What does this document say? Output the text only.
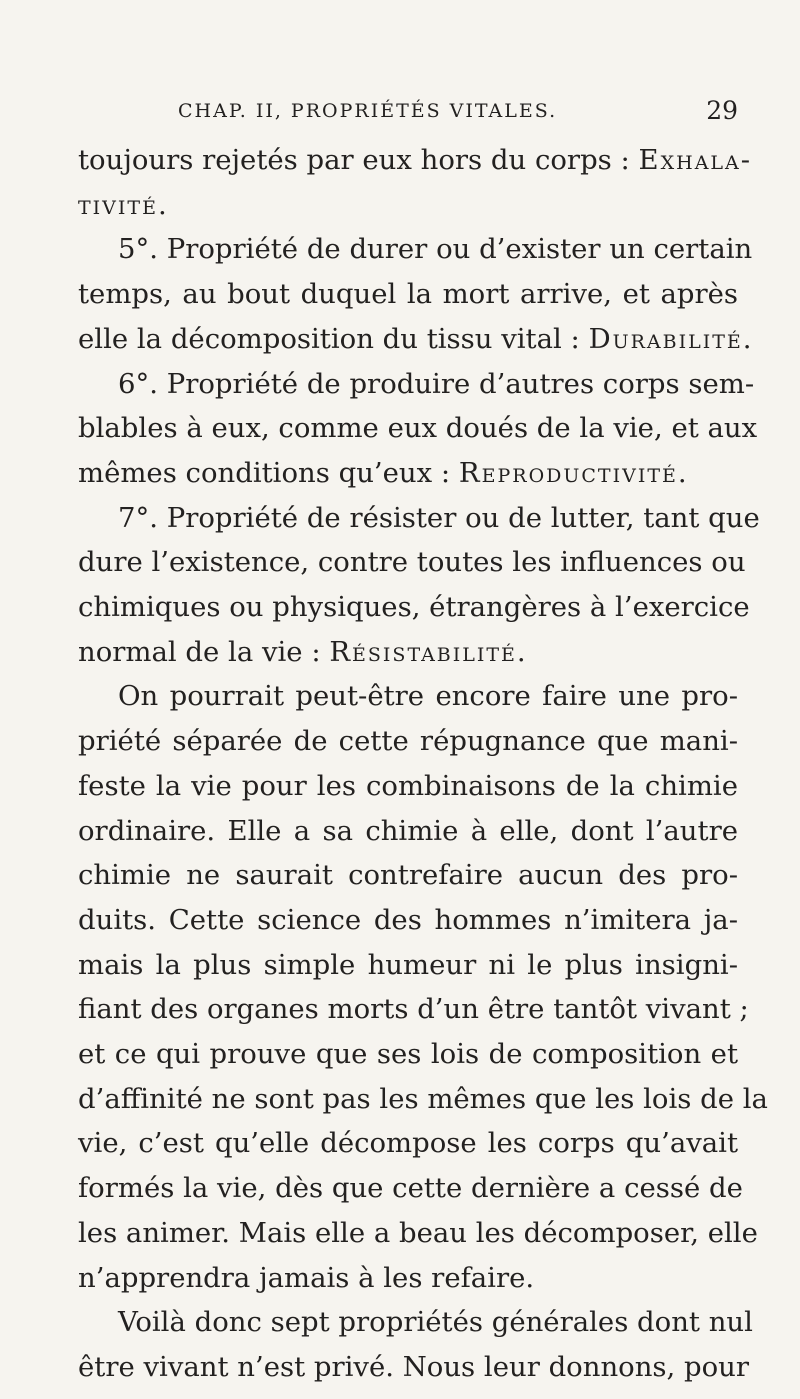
CHAP. II, PROPRIÉTÉS VITALES.	29
toujours rejetés par eux hors du corps : Exhala-
tivité.
5°. Propriété de durer ou d’exister un certain
temps, au bout duquel la mort arrive, et après
elle la décomposition du tissu vital : Durabilité.
6°. Propriété de produire d’autres corps sem-
blables à eux, comme eux doués de la vie, et aux
mêmes conditions qu’eux : Reproductivité.
7°. Propriété de résister ou de lutter, tant que
dure l’existence, contre toutes les influences ou
chimiques ou physiques, étrangères à l’exercice
normal de la vie : Résistabilité.
On pourrait peut-être encore faire une pro-
priété séparée de cette répugnance que mani-
feste la vie pour les combinaisons de la chimie
ordinaire. Elle a sa chimie à elle, dont l’autre
chimie ne saurait contrefaire aucun des pro-
duits. Cette science des hommes n’imitera ja-
mais la plus simple humeur ni le plus insigni-
fiant des organes morts d’un être tantôt vivant ;
et ce qui prouve que ses lois de composition et
d’affinité ne sont pas les mêmes que les lois de la
vie, c’est qu’elle décompose les corps qu’avait
formés la vie, dès que cette dernière a cessé de
les animer. Mais elle a beau les décomposer, elle
n’apprendra jamais à les refaire.
Voilà donc sept propriétés générales dont nul
être vivant n’est privé. Nous leur donnons, pour
